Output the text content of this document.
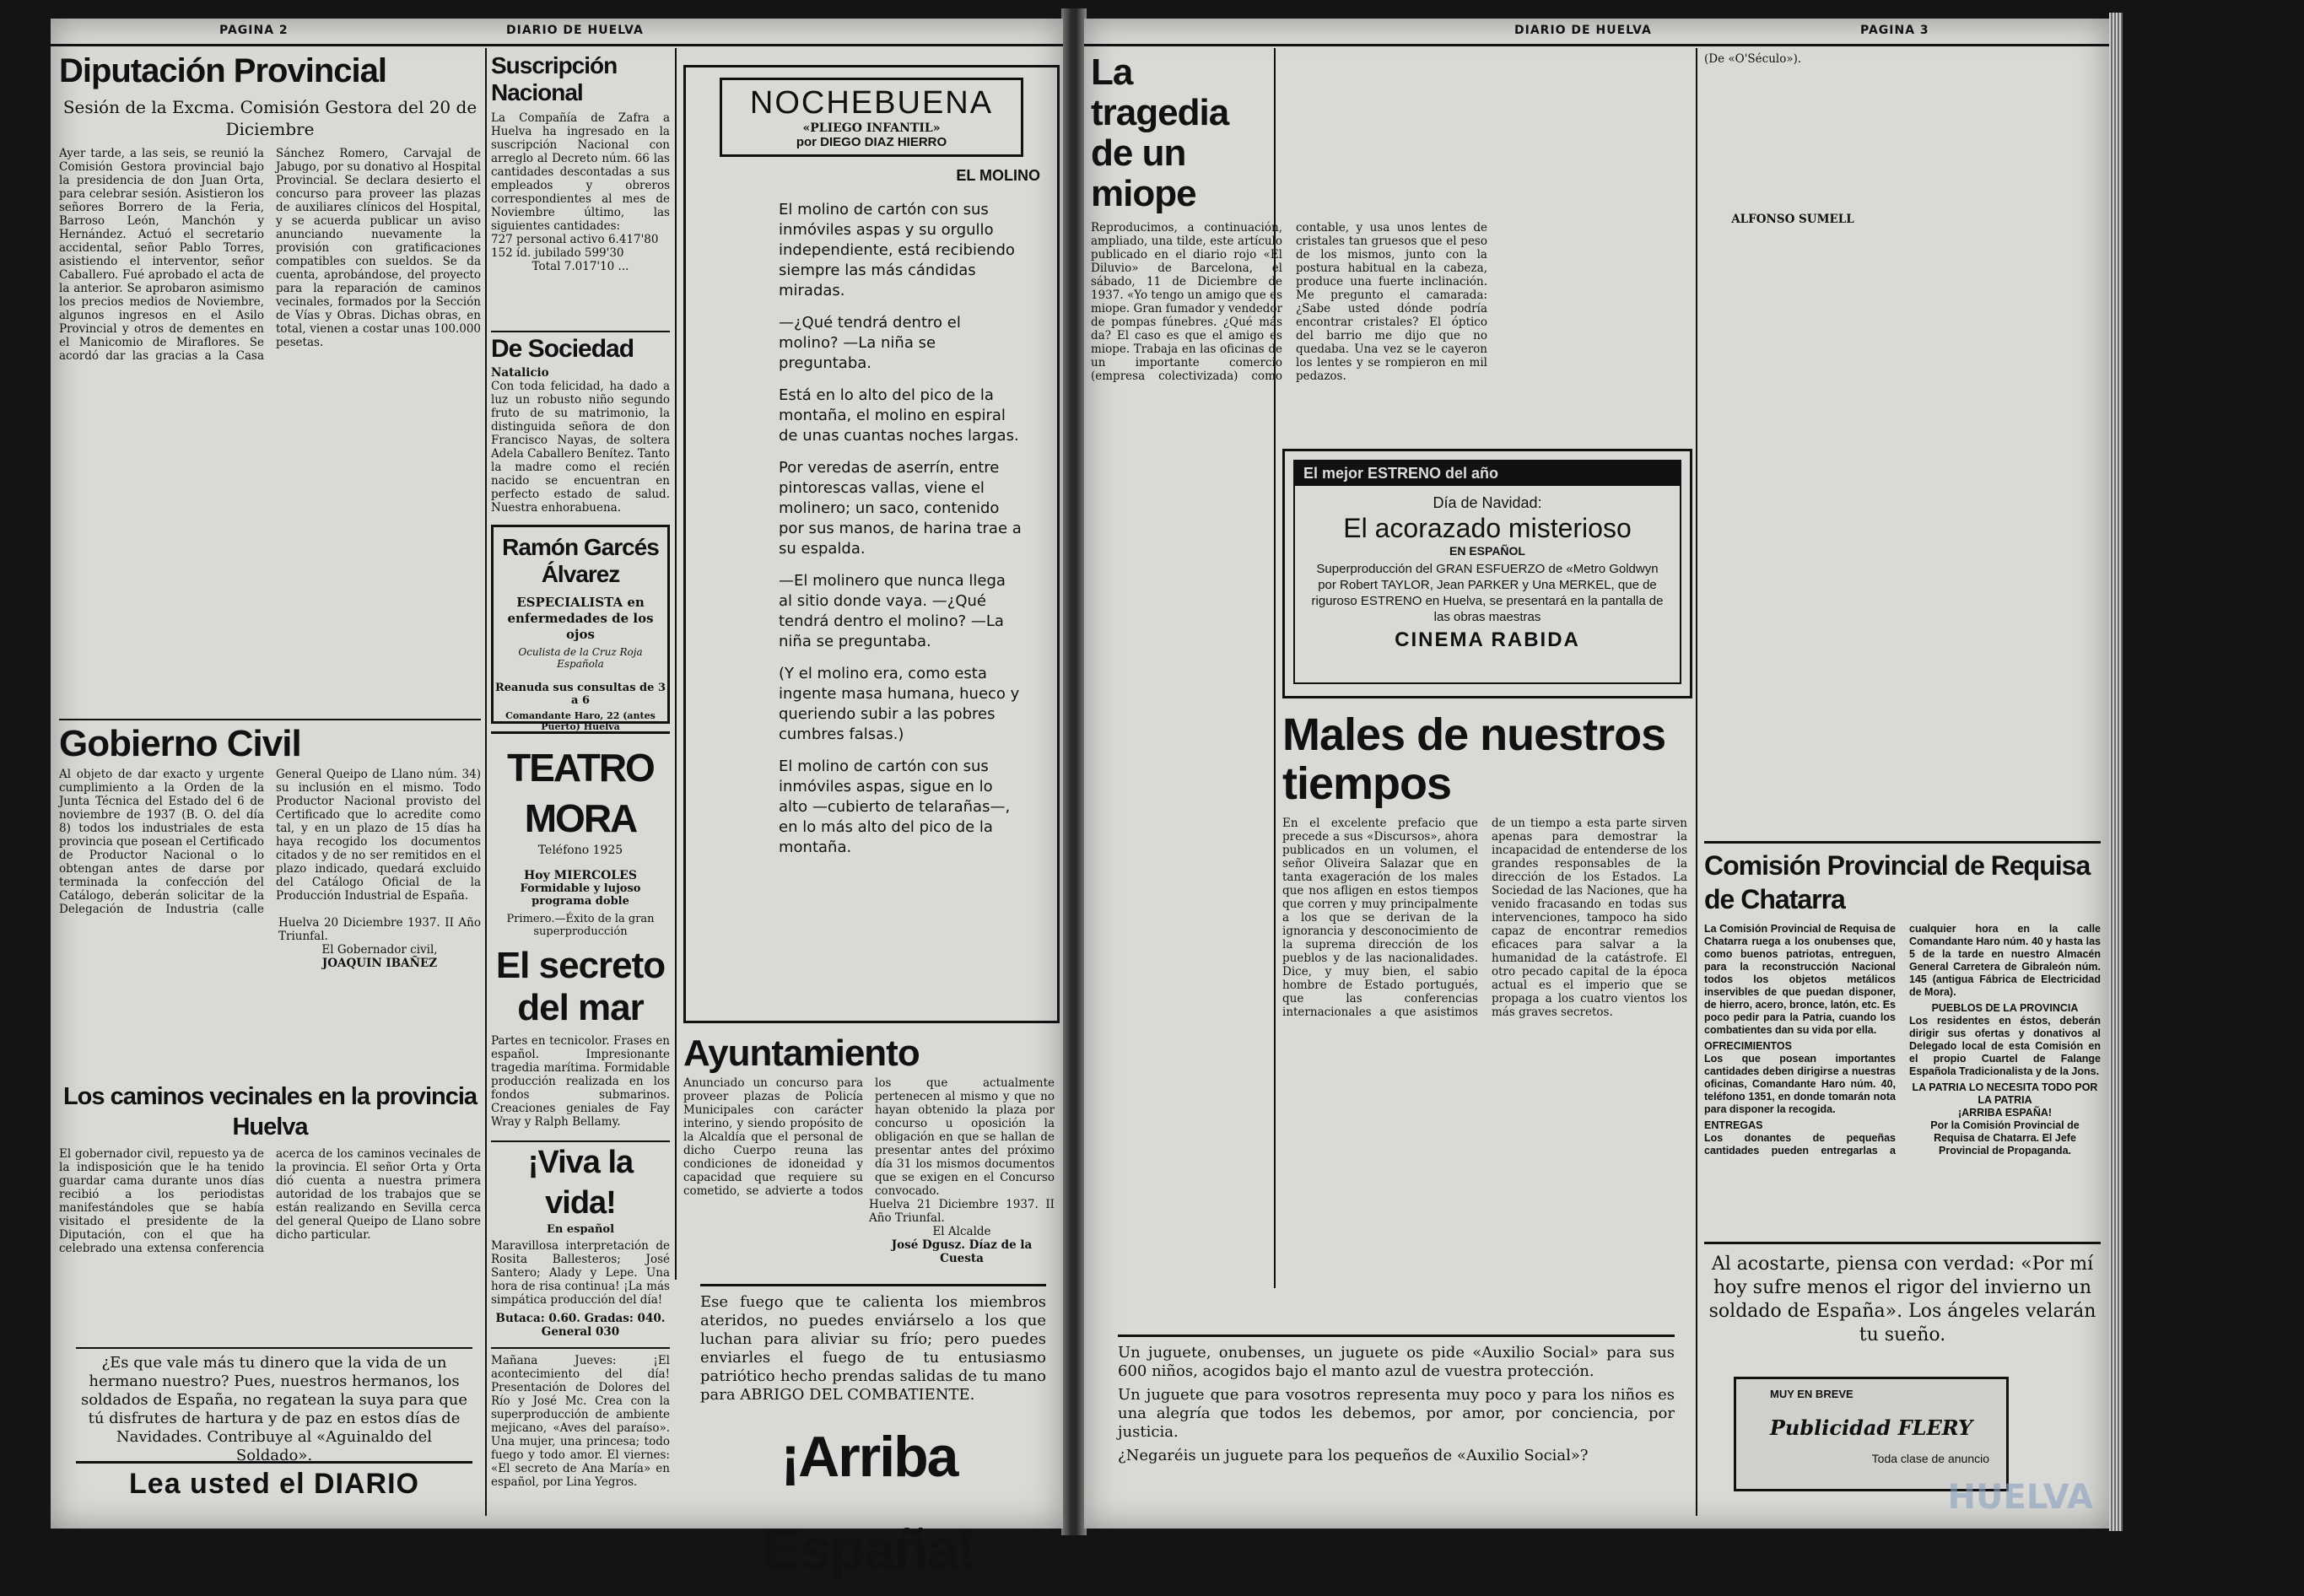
PAGINA 2	DIARIO DE HUELVA
Diputación Provincial
Sesión de la Excma. Comisión Gestora del 20 de Diciembre
Ayer tarde, a las seis, se reunió la Comisión Gestora provincial bajo la presidencia de don Juan Orta, para celebrar sesión. Asistieron los señores Borrero de la Feria, Barroso León, Manchón y Hernández. Actuó el secretario accidental, señor Pablo Torres, asistiendo el interventor, señor Caballero. Fué aprobado el acta de la anterior. Se aprobaron asimismo los precios medios de Noviembre, algunos ingresos en el Asilo Provincial y otros de dementes en el Manicomio de Miraflores. Se acordó dar las gracias a la Casa Sánchez Romero, Carvajal de Jabugo, por su donativo al Hospital Provincial. Se declara desierto el concurso para proveer las plazas de auxiliares clínicos del Hospital, y se acuerda publicar un aviso anunciando nuevamente la provisión con gratificaciones compatibles con sueldos. Se da cuenta, aprobándose, del proyecto para la reparación de caminos vecinales, formados por la Sección de Vías y Obras. Dichas obras, en total, vienen a costar unas 100.000 pesetas.
Suscripción Nacional
La Compañía de Zafra a Huelva ha ingresado en la suscripción Nacional con arreglo al Decreto núm. 66 las cantidades descontadas a sus empleados y obreros correspondientes al mes de Noviembre último, las siguientes cantidades:
727 personal activo 6.417'80
152 íd. jubilado 599'30
Total 7.017'10 ...
De Sociedad
Natalicio
Con toda felicidad, ha dado a luz un robusto niño segundo fruto de su matrimonio, la distinguida señora de don Francisco Nayas, de soltera Adela Caballero Benítez. Tanto la madre como el recién nacido se encuentran en perfecto estado de salud. Nuestra enhorabuena.
Ramón Garcés Álvarez
ESPECIALISTA en enfermedades de los ojos
Oculista de la Cruz Roja Española
Reanuda sus consultas de 3 a 6
Comandante Haro, 22 (antes Puerto) Huelva
NOCHEBUENA
«PLIEGO INFANTIL»
por DIEGO DIAZ HIERRO
EL MOLINO

El molino de cartón con sus inmóviles aspas y su orgullo independiente, está recibiendo siempre las más cándidas miradas.

—¿Qué tendrá dentro el molino? —La niña se preguntaba.

Está en lo alto del pico de la montaña, el molino en espiral de unas cuantas noches largas.

Por veredas de aserrín, entre pintorescas vallas, viene el molinero; un saco, contenido por sus manos, de harina trae a su espalda.

—El molinero que nunca llega al sitio donde vaya. —¿Qué tendrá dentro el molino? —La niña se preguntaba.

(Y el molino era, como esta ingente masa humana, hueco y queriendo subir a las pobres cumbres falsas.)

El molino de cartón con sus inmóviles aspas, sigue en lo alto —cubierto de telarañas—, en lo más alto del pico de la montaña.

Gobierno Civil
Al objeto de dar exacto y urgente cumplimiento a la Orden de la Junta Técnica del Estado del 6 de noviembre de 1937 (B. O. del día 8) todos los industriales de esta provincia que posean el Certificado de Productor Nacional o lo obtengan antes de darse por terminada la confección del Catálogo, deberán solicitar de la Delegación de Industria (calle General Queipo de Llano núm. 34) su inclusión en el mismo. Todo Productor Nacional provisto del Certificado que lo acredite como tal, y en un plazo de 15 días ha haya recogido los documentos citados y de no ser remitidos en el plazo indicado, quedará excluido del Catálogo Oficial de la Producción Industrial de España.
Huelva 20 Diciembre 1937. II Año Triunfal.
El Gobernador civil,
JOAQUIN IBAÑEZ
Los caminos vecinales en la provincia Huelva
El gobernador civil, repuesto ya de la indisposición que le ha tenido guardar cama durante unos días recibió a los periodistas manifestándoles que se había visitado el presidente de la Diputación, con el que ha celebrado una extensa conferencia acerca de los caminos vecinales de la provincia. El señor Orta y Orta dió cuenta a nuestra primera autoridad de los trabajos que se están realizando en Sevilla cerca del general Queipo de Llano sobre dicho particular.
¿Es que vale más tu dinero que la vida de un hermano nuestro? Pues, nuestros hermanos, los soldados de España, no regatean la suya para que tú disfrutes de hartura y de paz en estos días de Navidades. Contribuye al «Aguinaldo del Soldado».
Lea usted el DIARIO
TEATRO MORA
Teléfono 1925
Hoy MIERCOLES
Formidable y lujoso programa doble
Primero.—Éxito de la gran superproducción
El secreto del mar
Partes en tecnicolor. Frases en español. Impresionante tragedia marítima. Formidable producción realizada en los fondos submarinos. Creaciones geniales de Fay Wray y Ralph Bellamy.
¡Viva la vida!
En español
Maravillosa interpretación de Rosita Ballesteros; José Santero; Alady y Lepe. Una hora de risa continua! ¡La más simpática producción del día!
Butaca: 0.60. Gradas: 040. General 030
Mañana Jueves: ¡El acontecimiento del día! Presentación de Dolores del Río y José Mc. Crea con la superproducción de ambiente mejicano, «Aves del paraíso». Una mujer, una princesa; todo fuego y todo amor. El viernes: «El secreto de Ana María» en español, por Lina Yegros.
Ayuntamiento
Anunciado un concurso para proveer plazas de Policía Municipales con carácter interino, y siendo propósito de la Alcaldía que el personal de dicho Cuerpo reuna las condiciones de idoneidad y capacidad que requiere su cometido, se advierte a todos los que actualmente pertenecen al mismo y que no hayan obtenido la plaza por concurso u oposición la obligación en que se hallan de presentar antes del próximo día 31 los mismos documentos que se exigen en el Concurso convocado.
Huelva 21 Diciembre 1937. II Año Triunfal.
El Alcalde
José Dgusz. Díaz de la Cuesta
Ese fuego que te calienta los miembros ateridos, no puedes enviárselo a los que luchan para aliviar su frío; pero puedes enviarles el fuego de tu entusiasmo patriótico hecho prendas salidas de tu mano para ABRIGO DEL COMBATIENTE.
¡Arriba España!
DIARIO DE HUELVA	PAGINA 3
La tragedia de un miope
Reproducimos, a continuación, ampliado, una tilde, este artículo publicado en el diario rojo «El Diluvio» de Barcelona, el sábado, 11 de Diciembre de 1937. «Yo tengo un amigo que es miope. Gran fumador y vendedor de pompas fúnebres. ¿Qué más da? El caso es que el amigo es miope. Trabaja en las oficinas de un importante comercio (empresa colectivizada) como contable, y usa unos lentes de cristales tan gruesos que el peso de los mismos, junto con la postura habitual en la cabeza, produce una fuerte inclinación. Me pregunto el camarada: ¿Sabe usted dónde podría encontrar cristales? El óptico del barrio me dijo que no quedaba. Una vez se le cayeron los lentes y se rompieron en mil pedazos.
ALFONSO SUMELL
El mejor ESTRENO del año
Día de Navidad:
El acorazado misterioso
EN ESPAÑOL
Superproducción del GRAN ESFUERZO de «Metro Goldwyn por Robert TAYLOR, Jean PARKER y Una MERKEL, que de riguroso ESTRENO en Huelva, se presentará en la pantalla de las obras maestras
CINEMA RABIDA
Males de nuestros tiempos
En el excelente prefacio que precede a sus «Discursos», ahora publicados en un volumen, el señor Oliveira Salazar que en tanta exageración de los males que nos afligen en estos tiempos que corren y muy principalmente a los que se derivan de la ignorancia y desconocimiento de la suprema dirección de los pueblos y de las nacionalidades. Dice, y muy bien, el sabio hombre de Estado portugués, que las conferencias internacionales a que asistimos de un tiempo a esta parte sirven apenas para demostrar la incapacidad de entenderse de los grandes responsables de la dirección de los Estados. La Sociedad de las Naciones, que ha venido fracasando en todas sus intervenciones, tampoco ha sido capaz de encontrar remedios eficaces para salvar a la humanidad de la catástrofe. El otro pecado capital de la época actual es el imperio que se propaga a los cuatro vientos los más graves secretos.
(De «O'Século»).
Comisión Provincial de Requisa de Chatarra
La Comisión Provincial de Requisa de Chatarra ruega a los onubenses que, como buenos patriotas, entreguen, para la reconstrucción Nacional todos los objetos metálicos inservibles de que puedan disponer, de hierro, acero, bronce, latón, etc. Es poco pedir para la Patria, cuando los combatientes dan su vida por ella.
OFRECIMIENTOS
Los que posean importantes cantidades deben dirigirse a nuestras oficinas, Comandante Haro núm. 40, teléfono 1351, en donde tomarán nota para disponer la recogida.
ENTREGAS
Los donantes de pequeñas cantidades pueden entregarlas a cualquier hora en la calle Comandante Haro núm. 40 y hasta las 5 de la tarde en nuestro Almacén General Carretera de Gibraleón núm. 145 (antigua Fábrica de Electricidad de Mora).
PUEBLOS DE LA PROVINCIA
Los residentes en éstos, deberán dirigir sus ofertas y donativos al Delegado local de esta Comisión en el propio Cuartel de Falange Española Tradicionalista y de la Jons.
LA PATRIA LO NECESITA TODO POR LA PATRIA
¡ARRIBA ESPAÑA!
Por la Comisión Provincial de Requisa de Chatarra. El Jefe Provincial de Propaganda.
Al acostarte, piensa con verdad: «Por mí hoy sufre menos el rigor del invierno un soldado de España». Los ángeles velarán tu sueño.
Un juguete, onubenses, un juguete os pide «Auxilio Social» para sus 600 niños, acogidos bajo el manto azul de vuestra protección.
Un juguete que para vosotros representa muy poco y para los niños es una alegría que todos les debemos, por amor, por conciencia, por justicia.
¿Negaréis un juguete para los pequeños de «Auxilio Social»?
MUY EN BREVE
Publicidad FLERY
Toda clase de anuncio
HUELVA
